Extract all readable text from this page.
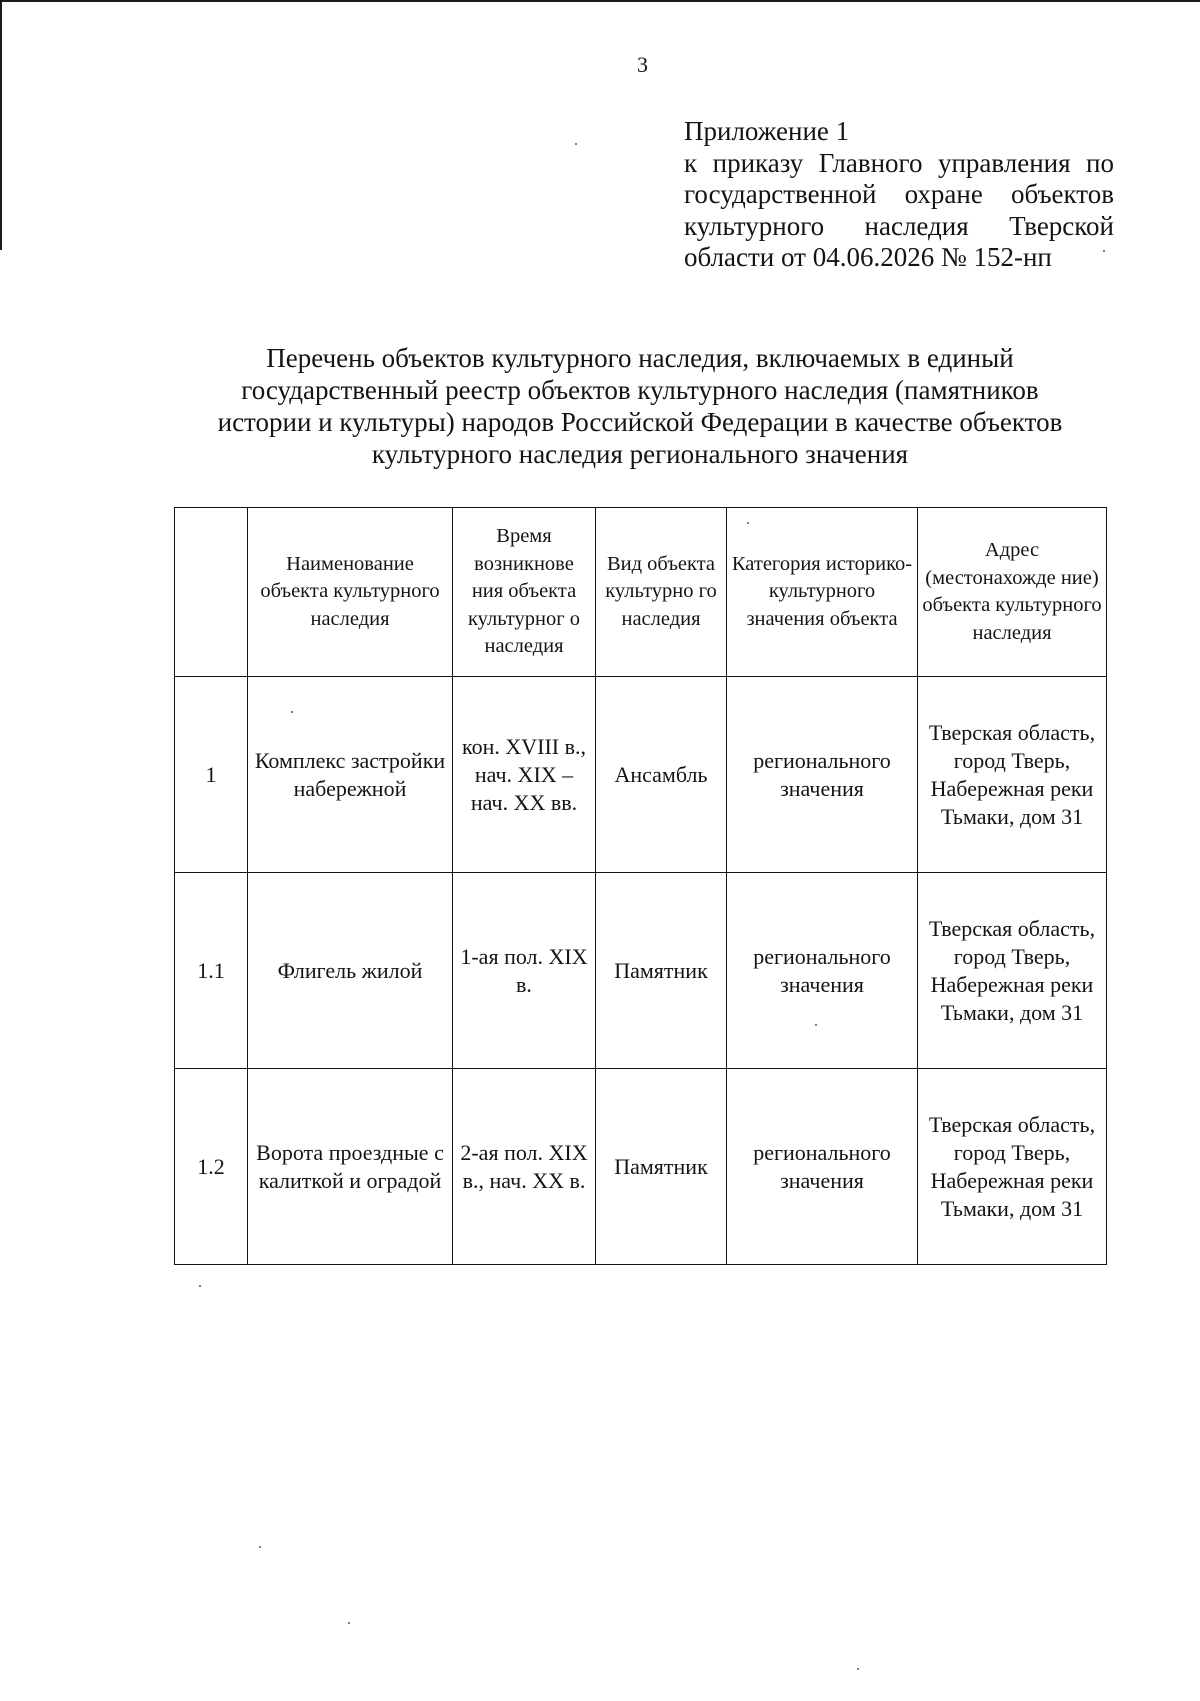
3
Приложение 1
к приказу Главного управления по
государственной охране объектов
культурного наследия Тверской
области от 04.06.2026 № 152-нп
Перечень объектов культурного наследия, включаемых в единый
государственный реестр объектов культурного наследия (памятников
истории и культуры) народов Российской Федерации в качестве объектов
культурного наследия регионального значения
	Наименование объекта культурного наследия	Время возникнове ния объекта культурног о наследия	Вид объекта культурно го наследия	Категория историко-культурного значения объекта	Адрес (местонахожде ние) объекта культурного наследия
1	Комплекс застройки набережной	кон. XVIII в., нач. XIX – нач. XX вв.	Ансамбль	регионального значения	Тверская область, город Тверь, Набережная реки Тьмаки, дом 31
1.1	Флигель жилой	1-ая пол. XIX в.	Памятник	регионального значения	Тверская область, город Тверь, Набережная реки Тьмаки, дом 31
1.2	Ворота проездные с калиткой и оградой	2-ая пол. XIX в., нач. XX в.	Памятник	регионального значения	Тверская область, город Тверь, Набережная реки Тьмаки, дом 31
